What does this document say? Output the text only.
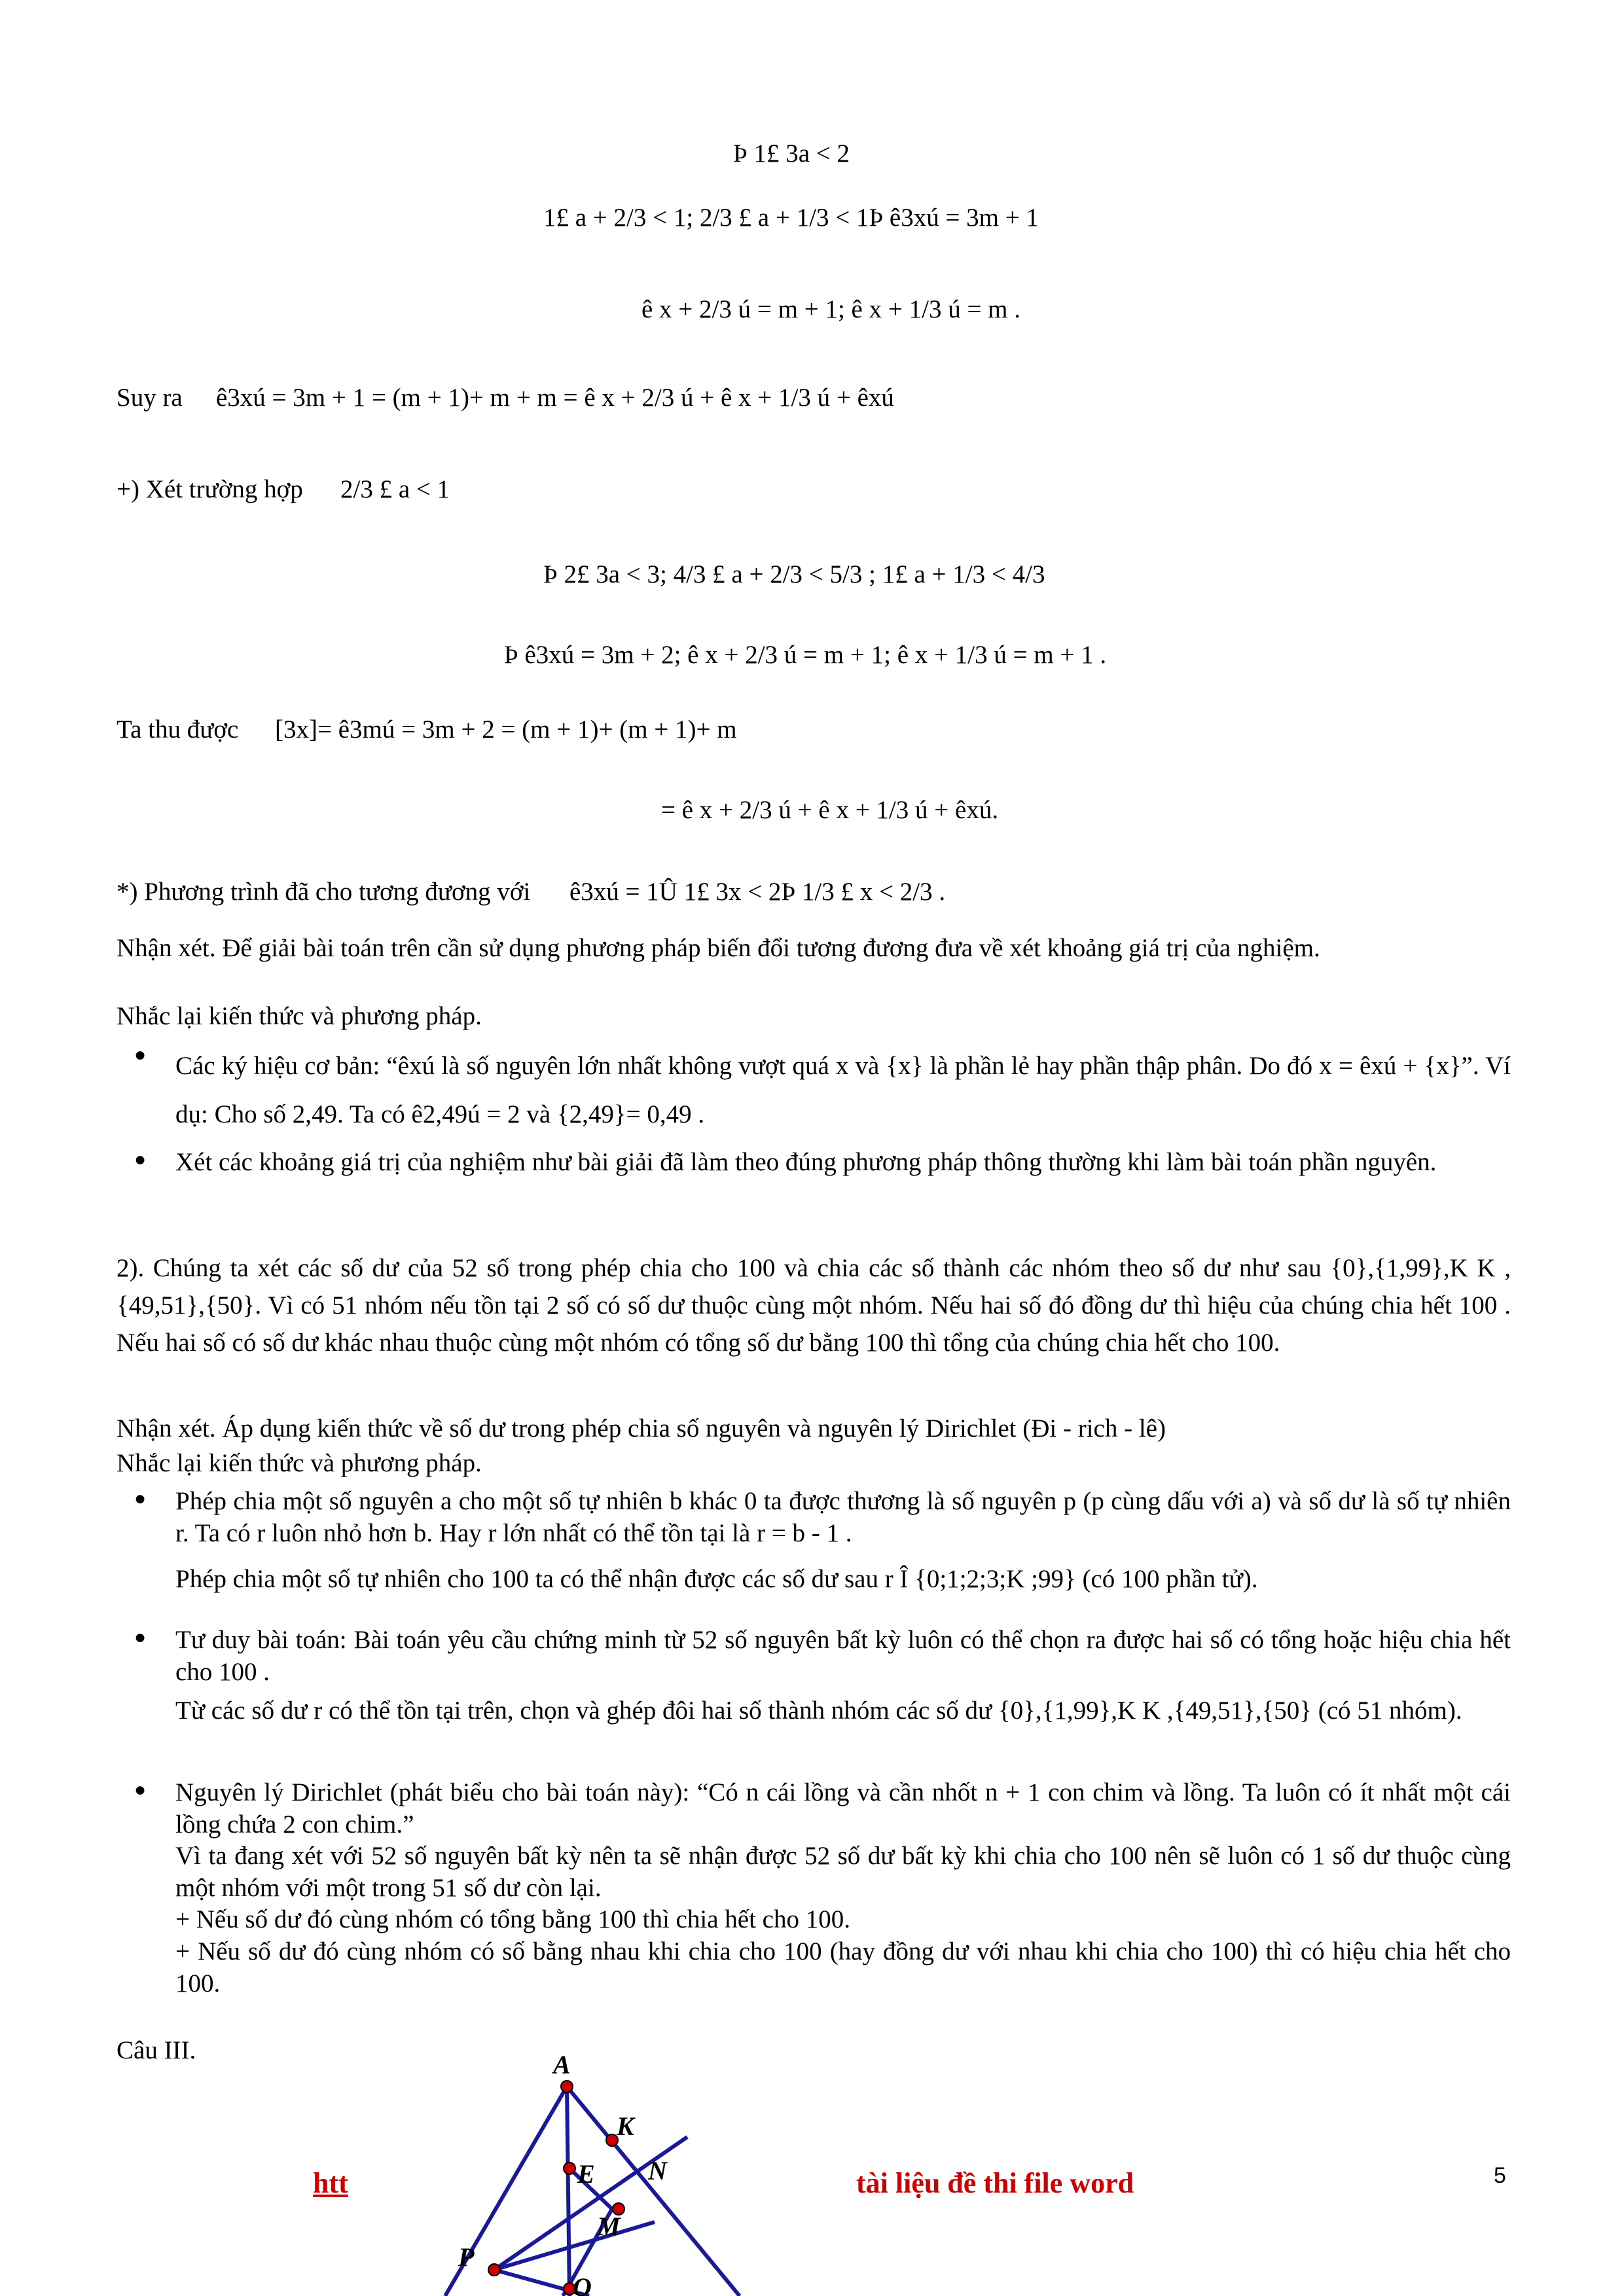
Þ 1£ 3a < 2
1£ a + 2/3 < 1; 2/3 £ a + 1/3 < 1Þ ê3xú = 3m + 1
ê x + 2/3 ú = m + 1; ê x + 1/3 ú = m .
Suy ra ê3xú = 3m + 1 = (m + 1)+ m + m = ê x + 2/3 ú + ê x + 1/3 ú + êxú
+) Xét trường hợp 2/3 £ a < 1
Þ 2£ 3a < 3; 4/3 £ a + 2/3 < 5/3 ; 1£ a + 1/3 < 4/3
Þ ê3xú = 3m + 2; ê x + 2/3 ú = m + 1; ê x + 1/3 ú = m + 1 .
Ta thu được [3x]= ê3mú = 3m + 2 = (m + 1)+ (m + 1)+ m
= ê x + 2/3 ú + ê x + 1/3 ú + êxú.
*) Phương trình đã cho tương đương với ê3xú = 1Û 1£ 3x < 2Þ 1/3 £ x < 2/3 .
Nhận xét. Để giải bài toán trên cần sử dụng phương pháp biến đổi tương đương đưa về xét khoảng giá trị của nghiệm.
Nhắc lại kiến thức và phương pháp.
● Các ký hiệu cơ bản: “êxú là số nguyên lớn nhất không vượt quá x và {x} là phần lẻ hay phần thập phân. Do đó x = êxú + {x}”. Ví dụ: Cho số 2,49. Ta có ê2,49ú = 2 và {2,49}= 0,49 .
● Xét các khoảng giá trị của nghiệm như bài giải đã làm theo đúng phương pháp thông thường khi làm bài toán phần nguyên.
2). Chúng ta xét các số dư của 52 số trong phép chia cho 100 và chia các số thành các nhóm theo số dư như sau {0},{1,99},K K ,{49,51},{50}. Vì có 51 nhóm nếu tồn tại 2 số có số dư thuộc cùng một nhóm. Nếu hai số đó đồng dư thì hiệu của chúng chia hết 100 . Nếu hai số có số dư khác nhau thuộc cùng một nhóm có tổng số dư bằng 100 thì tổng của chúng chia hết cho 100.
Nhận xét. Áp dụng kiến thức về số dư trong phép chia số nguyên và nguyên lý Dirichlet (Đi - rich - lê)
Nhắc lại kiến thức và phương pháp.
● Phép chia một số nguyên a cho một số tự nhiên b khác 0 ta được thương là số nguyên p (p cùng dấu với a) và số dư là số tự nhiên r. Ta có r luôn nhỏ hơn b. Hay r lớn nhất có thể tồn tại là r = b - 1 .
Phép chia một số tự nhiên cho 100 ta có thể nhận được các số dư sau r Î {0;1;2;3;K ;99} (có 100 phần tử).
● Tư duy bài toán: Bài toán yêu cầu chứng minh từ 52 số nguyên bất kỳ luôn có thể chọn ra được hai số có tổng hoặc hiệu chia hết cho 100 .
Từ các số dư r có thể tồn tại trên, chọn và ghép đôi hai số thành nhóm các số dư {0},{1,99},K K ,{49,51},{50} (có 51 nhóm).
● Nguyên lý Dirichlet (phát biểu cho bài toán này): “Có n cái lồng và cần nhốt n + 1 con chim và lồng. Ta luôn có ít nhất một cái lồng chứa 2 con chim.”
Vì ta đang xét với 52 số nguyên bất kỳ nên ta sẽ nhận được 52 số dư bất kỳ khi chia cho 100 nên sẽ luôn có 1 số dư thuộc cùng một nhóm với một trong 51 số dư còn lại.
+ Nếu số dư đó cùng nhóm có tổng bằng 100 thì chia hết cho 100.
+ Nếu số dư đó cùng nhóm có số bằng nhau khi chia cho 100 (hay đồng dư với nhau khi chia cho 100) thì có hiệu chia hết cho 100.
Câu III.	A
K
E N
P
M
O
htt	tài liệu đề thi file word	5
